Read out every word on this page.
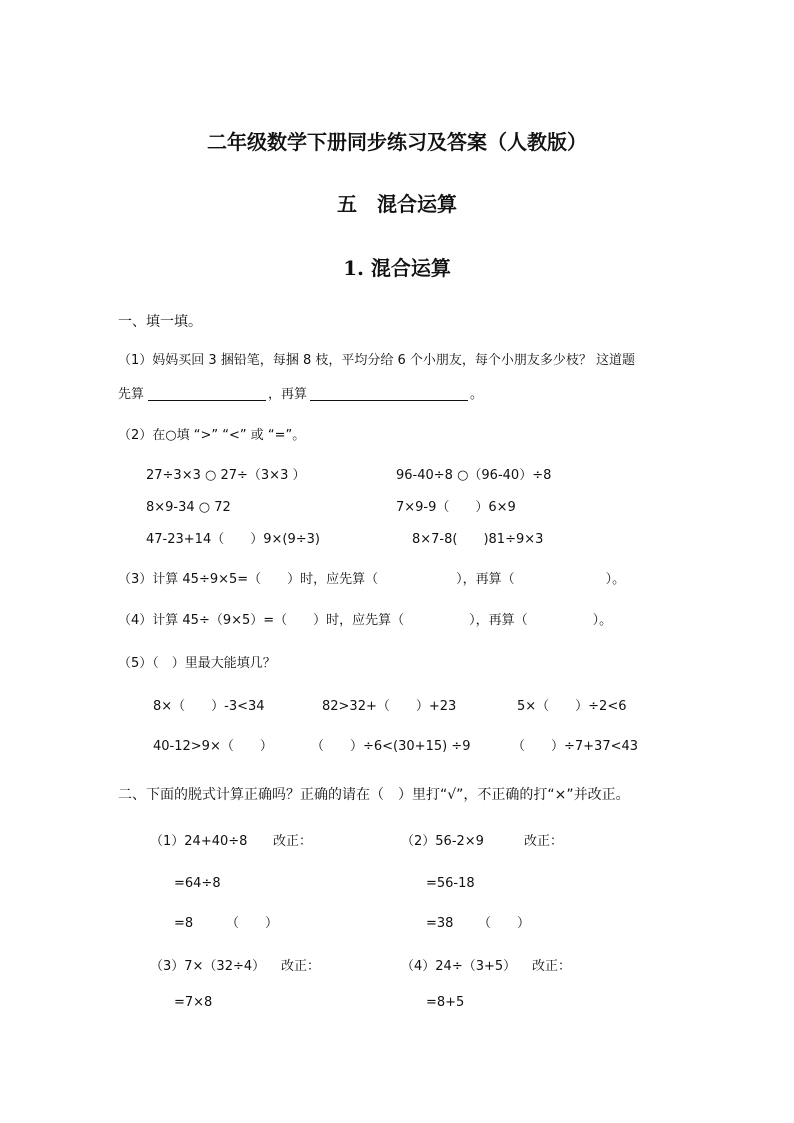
二年级数学下册同步练习及答案（人教版）
五　混合运算
1. 混合运算
一、填一填。
（1）妈妈买回 3 捆铅笔，每捆 8 枝，平均分给 6 个小朋友，每个小朋友多少枝？ 这道题
先算	，再算	。
（2）在○填 “>” “<” 或 “=”。
27÷3×3 ○ 27÷（3×3 ）	96-40÷8 ○（96-40）÷8
8×9-34 ○ 72	7×9-9（　　）6×9
47-23+14（　　）9×(9÷3)	8×7-8(　　)81÷9×3
（3）计算 45÷9×5=（　　）时，应先算（　　　　　　），再算（　　　　　　　）。
（4）计算 45÷（9×5）=（　　）时，应先算（　　　　　），再算（　　　　　）。
（5）（　）里最大能填几？
8×（　　）-3<34	82>32+（　　）+23	5×（　　）÷2<6
40-12>9×（　　）	（　　）÷6<(30+15) ÷9	（　　）÷7+37<43
二、下面的脱式计算正确吗？正确的请在（　）里打“√”，不正确的打“×”并改正。
（1）24+40÷8 改正：	（2）56-2×9	改正：
=64÷8	=56-18
=8	（　　）	=38 （　　）
（3）7×（32÷4） 改正：	（4）24÷（3+5） 改正：
=7×8	=8+5
